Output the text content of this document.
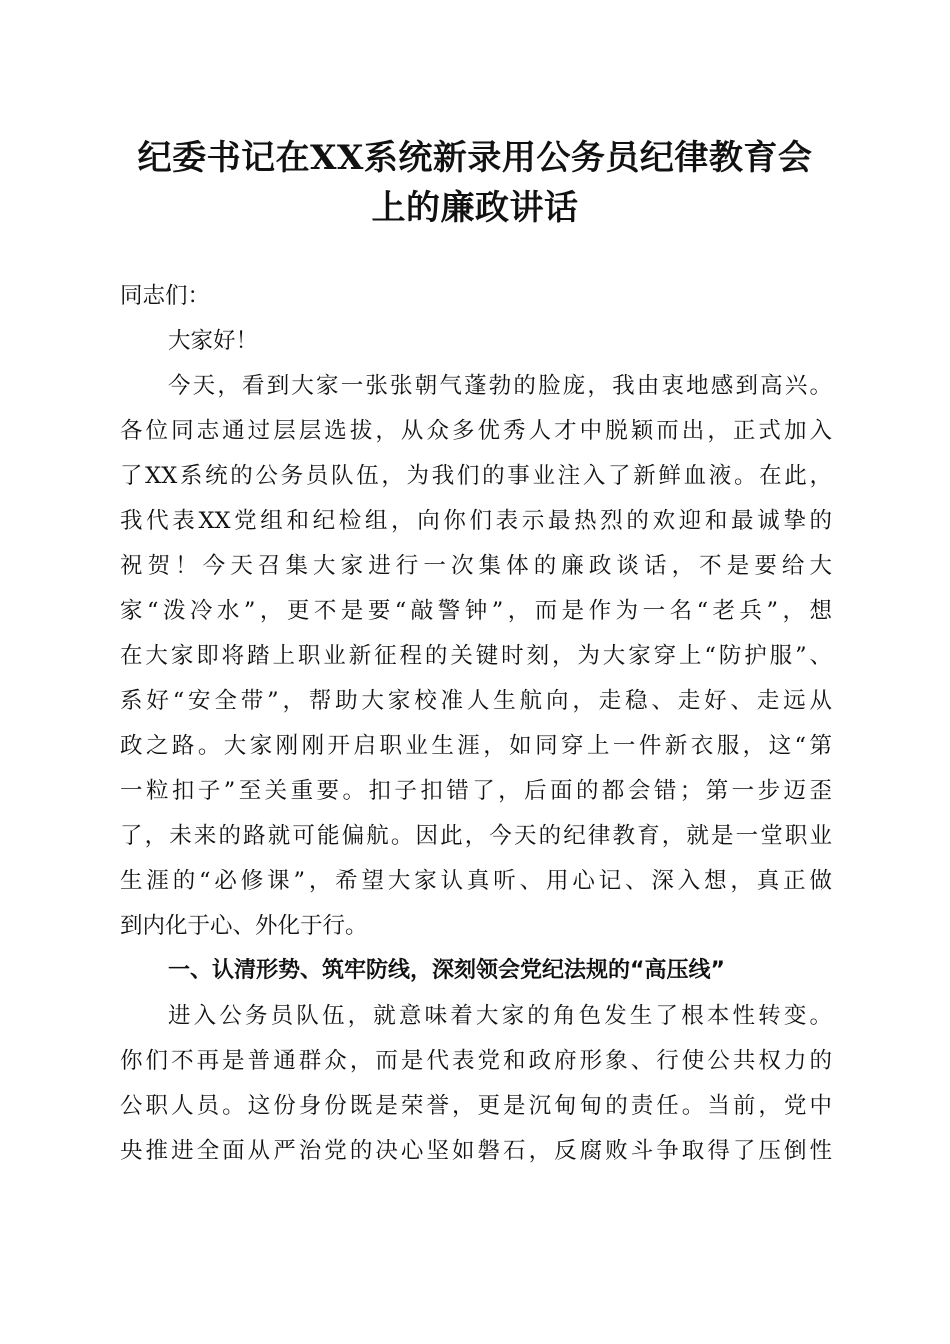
纪委书记在XX系统新录用公务员纪律教育会
上的廉政讲话
同志们：
大家好！
今天，看到大家一张张朝气蓬勃的脸庞，我由衷地感到高兴。
各位同志通过层层选拔，从众多优秀人才中脱颖而出，正式加入
了XX系统的公务员队伍，为我们的事业注入了新鲜血液。在此，
我代表XX党组和纪检组，向你们表示最热烈的欢迎和最诚挚的
祝贺！今天召集大家进行一次集体的廉政谈话，不是要给大
家“泼冷水”，更不是要“敲警钟”，而是作为一名“老兵”，想
在大家即将踏上职业新征程的关键时刻，为大家穿上“防护服”、
系好“安全带”，帮助大家校准人生航向，走稳、走好、走远从
政之路。大家刚刚开启职业生涯，如同穿上一件新衣服，这“第
一粒扣子”至关重要。扣子扣错了，后面的都会错；第一步迈歪
了，未来的路就可能偏航。因此，今天的纪律教育，就是一堂职业
生涯的“必修课”，希望大家认真听、用心记、深入想，真正做
到内化于心、外化于行。
一、认清形势、筑牢防线，深刻领会党纪法规的“高压线”
进入公务员队伍，就意味着大家的角色发生了根本性转变。
你们不再是普通群众，而是代表党和政府形象、行使公共权力的
公职人员。这份身份既是荣誉，更是沉甸甸的责任。当前，党中
央推进全面从严治党的决心坚如磐石，反腐败斗争取得了压倒性
